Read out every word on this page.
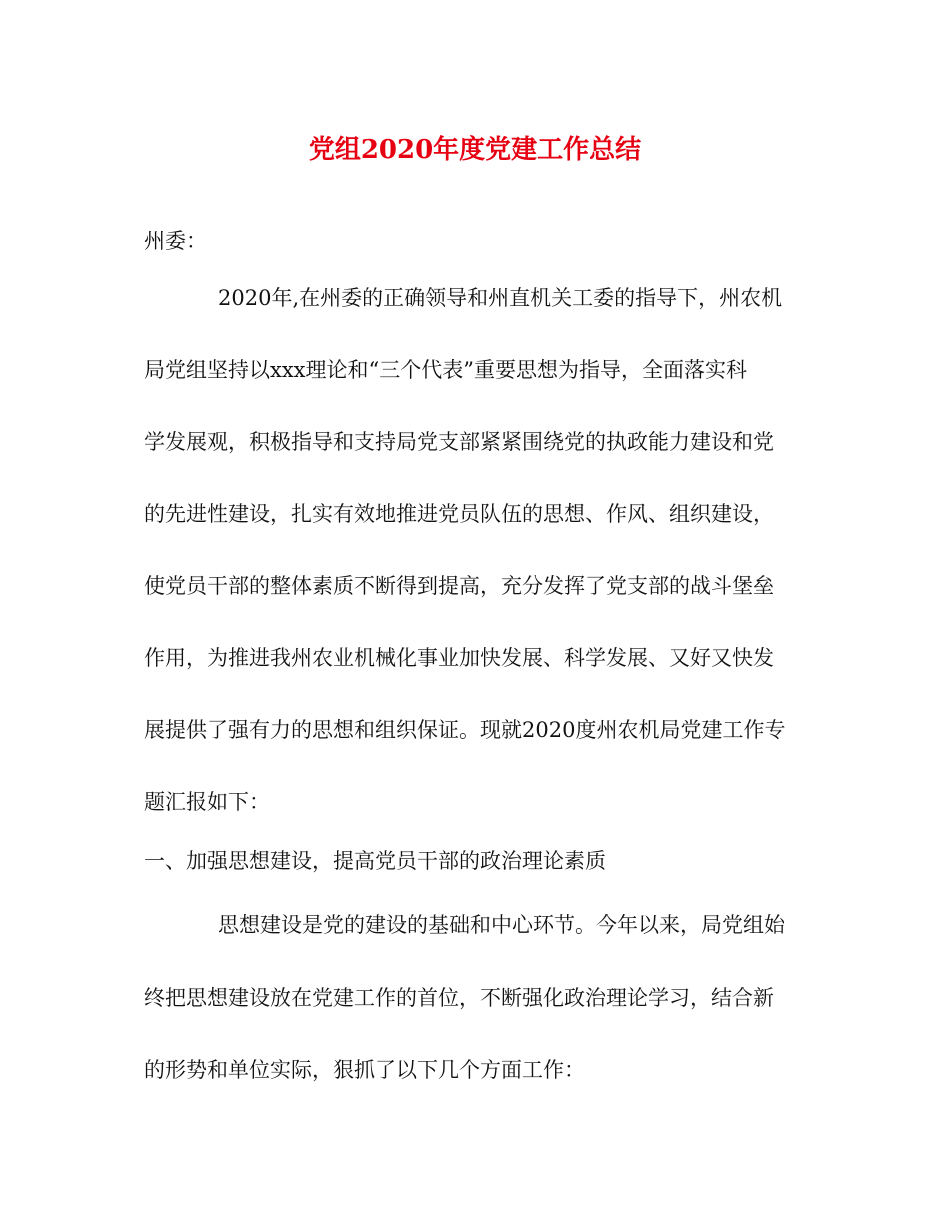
党组2020年度党建工作总结
州委：
2020年,在州委的正确领导和州直机关工委的指导下，州农机
局党组坚持以xxx理论和“三个代表”重要思想为指导，全面落实科
学发展观，积极指导和支持局党支部紧紧围绕党的执政能力建设和党
的先进性建设，扎实有效地推进党员队伍的思想、作风、组织建设，
使党员干部的整体素质不断得到提高，充分发挥了党支部的战斗堡垒
作用，为推进我州农业机械化事业加快发展、科学发展、又好又快发
展提供了强有力的思想和组织保证。现就2020度州农机局党建工作专
题汇报如下：
一、加强思想建设，提高党员干部的政治理论素质
思想建设是党的建设的基础和中心环节。今年以来，局党组始
终把思想建设放在党建工作的首位，不断强化政治理论学习，结合新
的形势和单位实际，狠抓了以下几个方面工作：
